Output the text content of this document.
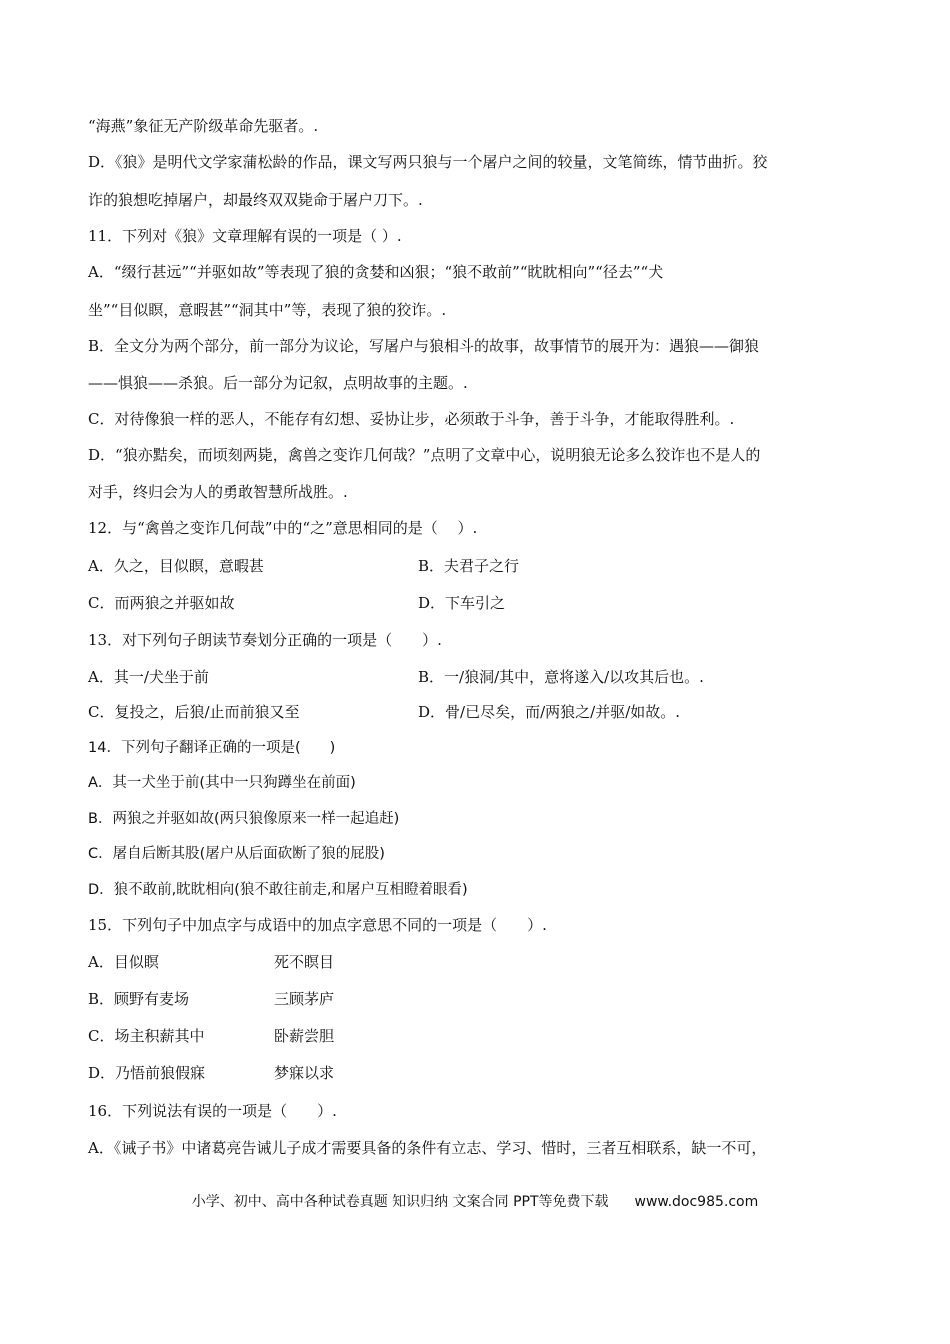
“海燕”象征无产阶级革命先驱者。.
D．《狼》是明代文学家蒲松龄的作品，课文写两只狼与一个屠户之间的较量，文笔简练，情节曲折。狡
诈的狼想吃掉屠户，却最终双双毙命于屠户刀下。.
11．下列对《狼》文章理解有误的一项是（ ）.
A．“缀行甚远”“并驱如故”等表现了狼的贪婪和凶狠；“狼不敢前”“眈眈相向”“径去”“犬
坐”“目似瞑，意暇甚”“洞其中”等，表现了狼的狡诈。.
B．全文分为两个部分，前一部分为议论，写屠户与狼相斗的故事，故事情节的展开为：遇狼——御狼
——惧狼——杀狼。后一部分为记叙，点明故事的主题。.
C．对待像狼一样的恶人，不能存有幻想、妥协让步，必须敢于斗争，善于斗争，才能取得胜利。.
D．“狼亦黠矣，而顷刻两毙，禽兽之变诈几何哉？”点明了文章中心，说明狼无论多么狡诈也不是人的
对手，终归会为人的勇敢智慧所战胜。.
12．与“禽兽之变诈几何哉”中的“之”意思相同的是（　 ）.
A．久之，目似瞑，意暇甚	B．夫君子之行
C．而两狼之并驱如故	D．下车引之
13．对下列句子朗读节奏划分正确的一项是（　　）.
A．其一/犬坐于前	B．一/狼洞/其中，意将遂入/以攻其后也。.
C．复投之，后狼/止而前狼又至	D．骨/已尽矣，而/两狼之/并驱/如故。.
14．下列句子翻译正确的一项是(　　)
A．其一犬坐于前(其中一只狗蹲坐在前面)
B．两狼之并驱如故(两只狼像原来一样一起追赶)
C．屠自后断其股(屠户从后面砍断了狼的屁股)
D．狼不敢前,眈眈相向(狼不敢往前走,和屠户互相瞪着眼看)
15．下列句子中加点字与成语中的加点字意思不同的一项是（　　）.
A．目似瞑	死不瞑目
B．顾野有麦场	三顾茅庐
C．场主积薪其中	卧薪尝胆
D．乃悟前狼假寐	梦寐以求
16．下列说法有误的一项是（　　）.
A．《诫子书》中诸葛亮告诫儿子成才需要具备的条件有立志、学习、惜时，三者互相联系，缺一不可，
小学、初中、高中各种试卷真题 知识归纳 文案合同 PPT等免费下载 www.doc985.com
